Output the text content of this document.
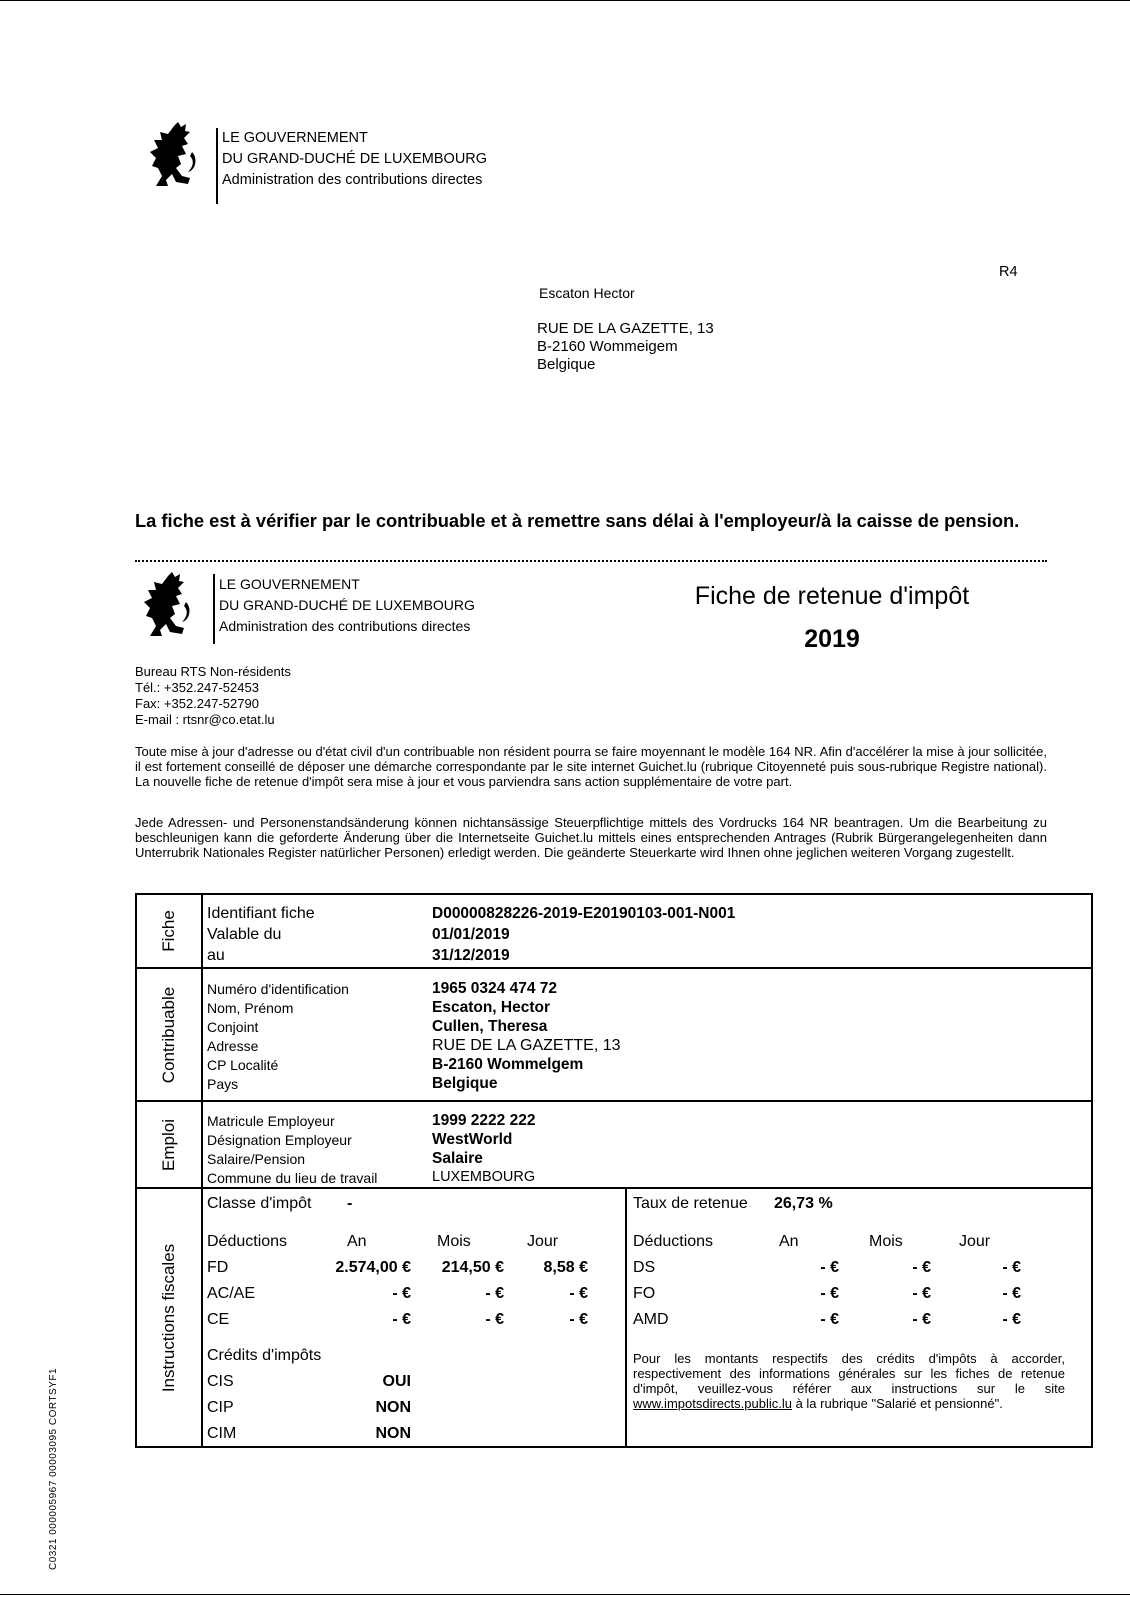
LE GOUVERNEMENT
DU GRAND-DUCHÉ DE LUXEMBOURG
Administration des contributions directes
R4
Escaton Hector
RUE DE LA GAZETTE, 13
B-2160 Wommeigem
Belgique
La fiche est à vérifier par le contribuable et à remettre sans délai à l'employeur/à la caisse de pension.
LE GOUVERNEMENT
DU GRAND-DUCHÉ DE LUXEMBOURG
Administration des contributions directes
Fiche de retenue d'impôt
2019
Bureau RTS Non-résidents
Tél.: +352.247-52453
Fax: +352.247-52790
E-mail : rtsnr@co.etat.lu
Toute mise à jour d'adresse ou d'état civil d'un contribuable non résident pourra se faire moyennant le modèle 164 NR. Afin d'accélérer la mise à jour sollicitée, il est fortement conseillé de déposer une démarche correspondante par le site internet Guichet.lu (rubrique Citoyenneté puis sous-rubrique Registre national). La nouvelle fiche de retenue d'impôt sera mise à jour et vous parviendra sans action supplémentaire de votre part.
Jede Adressen- und Personenstandsänderung können nichtansässige Steuerpflichtige mittels des Vordrucks 164 NR beantragen. Um die Bearbeitung zu beschleunigen kann die geforderte Änderung über die Internetseite Guichet.lu mittels eines entsprechenden Antrages (Rubrik Bürgerangelegenheiten dann Unterrubrik Nationales Register natürlicher Personen) erledigt werden. Die geänderte Steuerkarte wird Ihnen ohne jeglichen weiteren Vorgang zugestellt.
Fiche Identifiant fiche	D00000828226-2019-E20190103-001-N001
Valable du	01/01/2019
au	31/12/2019
Contribuable Numéro d'identification	1965 0324 474 72
Nom, Prénom	Escaton, Hector
Conjoint	Cullen, Theresa
Adresse	RUE DE LA GAZETTE, 13
CP Localité	B-2160 Wommelgem
Pays	Belgique
Emploi Matricule Employeur	1999 2222 222
Désignation Employeur	WestWorld
Salaire/Pension	Salaire
Commune du lieu de travail	LUXEMBOURG
Instructions fiscales
Classe d'impôt -	Taux de retenue 26,73 %
Déductions	An	Mois	Jour
FD	2.574,00 € 214,50 € 8,58 €
AC/AE	- €	- €	- €
CE	- €	- €	- €
Déductions	An	Mois	Jour
DS	- €	- €	- €
FO	- €	- €	- €
AMD	- €	- €	- €
Crédits d'impôts
CIS	OUI
CIP	NON
CIM	NON
Pour les montants respectifs des crédits d'impôts à accorder, respectivement des informations générales sur les fiches de retenue d'impôt, veuillez-vous référer aux instructions sur le site www.impotsdirects.public.lu à la rubrique "Salarié et pensionné".
C0321 000005967 00003095 CORTSYF1
